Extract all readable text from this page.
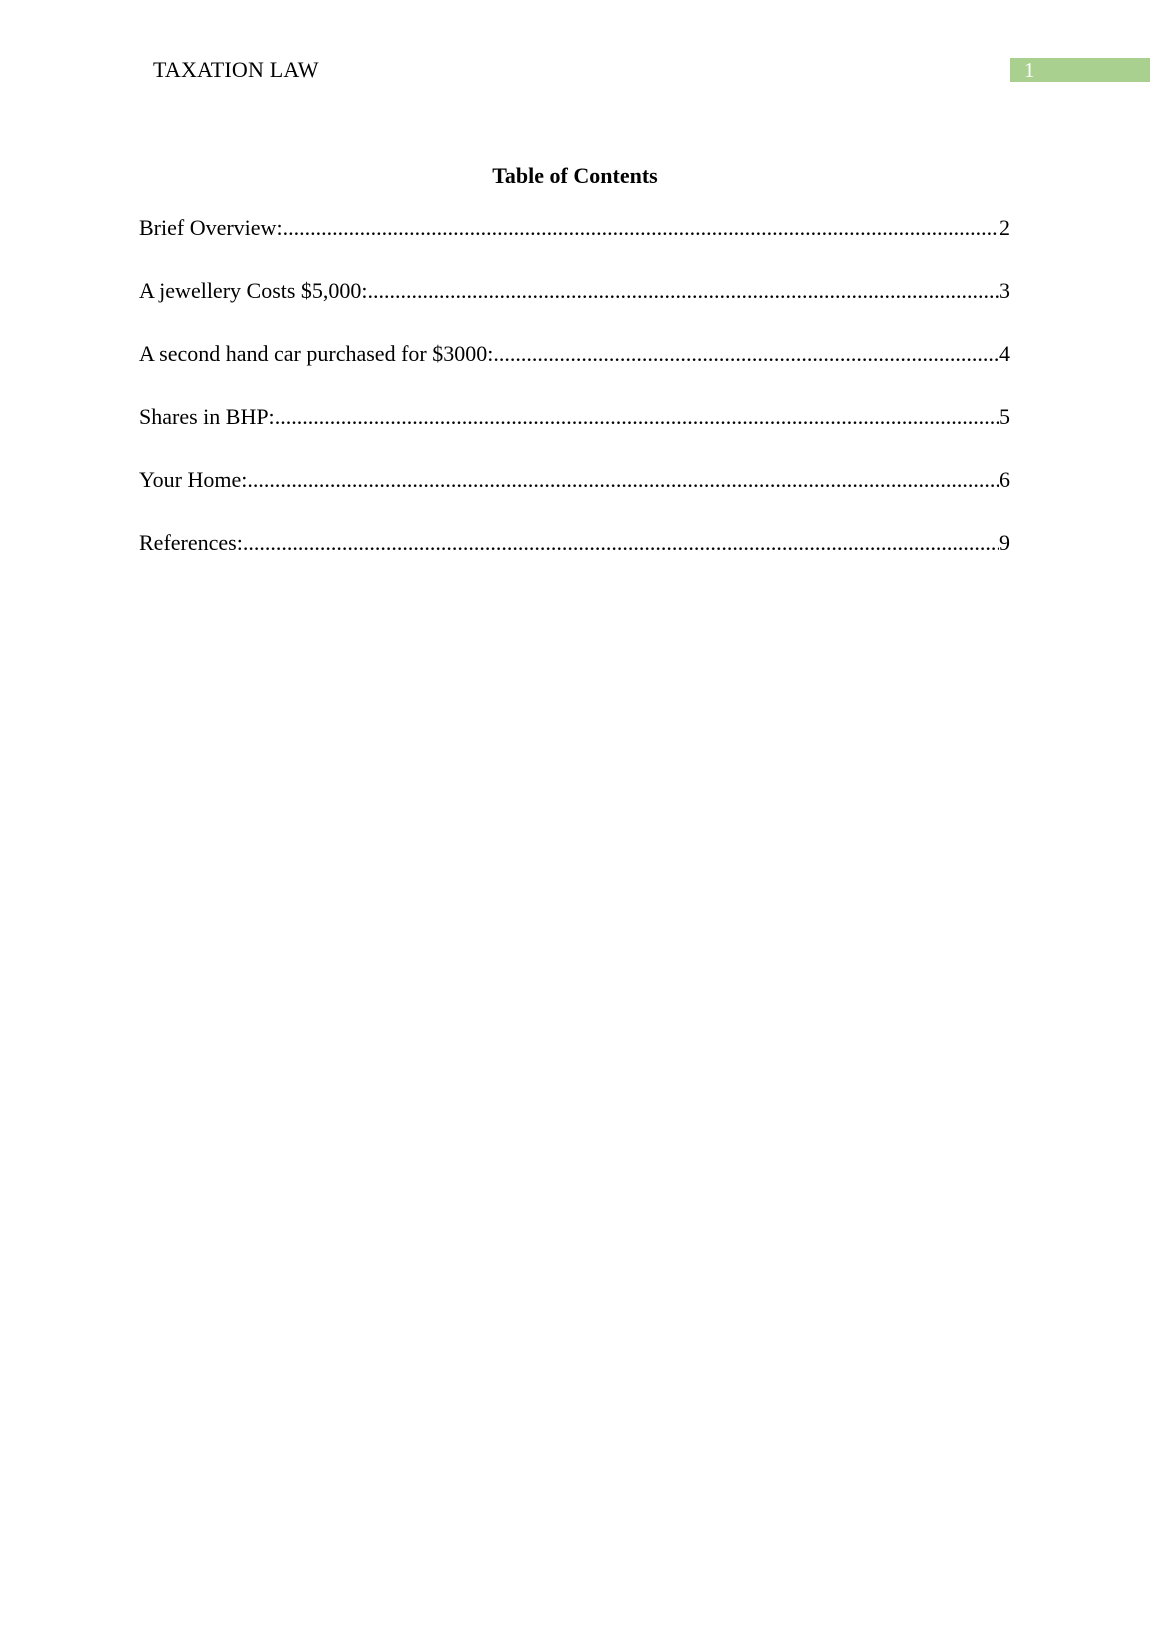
TAXATION LAW	1
Table of Contents
Brief Overview: .....	2
A jewellery Costs $5,000: .....	3
A second hand car purchased for $3000: .....	4
Shares in BHP: .....	5
Your Home: .....	6
References: .....	9
